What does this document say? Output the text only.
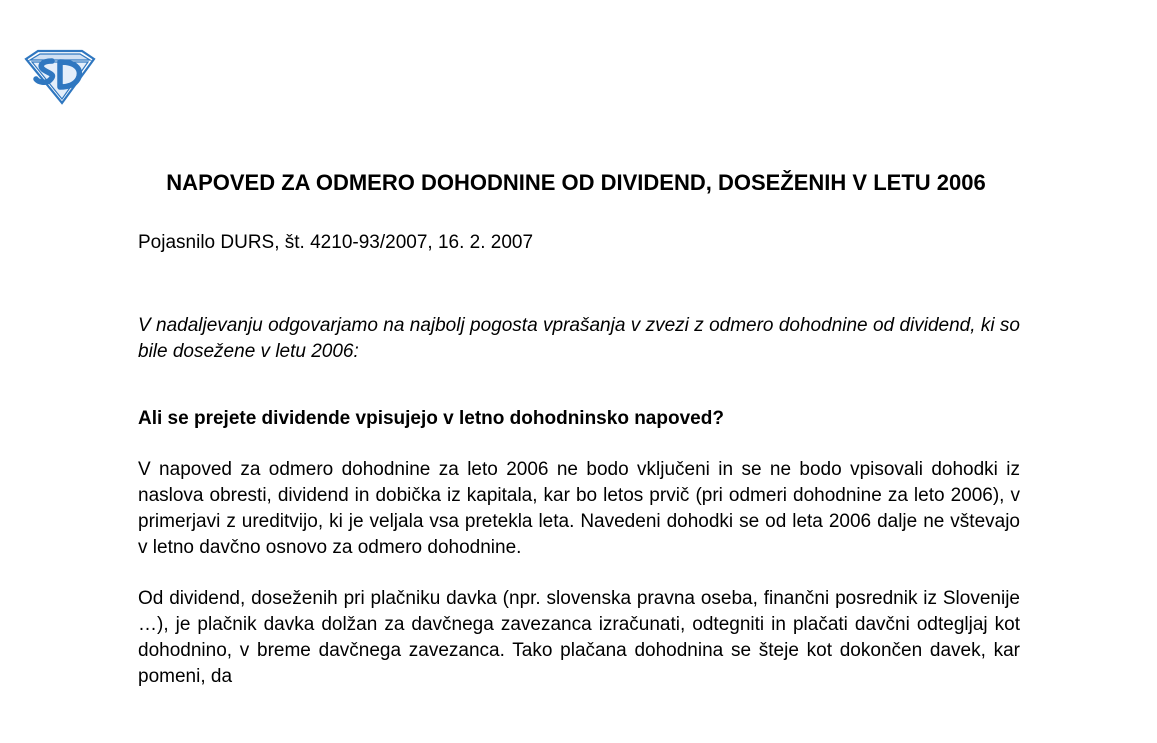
NAPOVED ZA ODMERO DOHODNINE OD DIVIDEND, DOSEŽENIH V LETU 2006
Pojasnilo DURS, št. 4210-93/2007, 16. 2. 2007
V nadaljevanju odgovarjamo na najbolj pogosta vprašanja v zvezi z odmero dohodnine od dividend, ki so bile dosežene v letu 2006:
Ali se prejete dividende vpisujejo v letno dohodninsko napoved?
V napoved za odmero dohodnine za leto 2006 ne bodo vključeni in se ne bodo vpisovali dohodki iz naslova obresti, dividend in dobička iz kapitala, kar bo letos prvič (pri odmeri dohodnine za leto 2006), v primerjavi z ureditvijo, ki je veljala vsa pretekla leta. Navedeni dohodki se od leta 2006 dalje ne vštevajo v letno davčno osnovo za odmero dohodnine.
Od dividend, doseženih pri plačniku davka (npr. slovenska pravna oseba, finančni posrednik iz Slovenije …), je plačnik davka dolžan za davčnega zavezanca izračunati, odtegniti in plačati davčni odtegljaj kot dohodnino, v breme davčnega zavezanca. Tako plačana dohodnina se šteje kot dokončen davek, kar pomeni, da
